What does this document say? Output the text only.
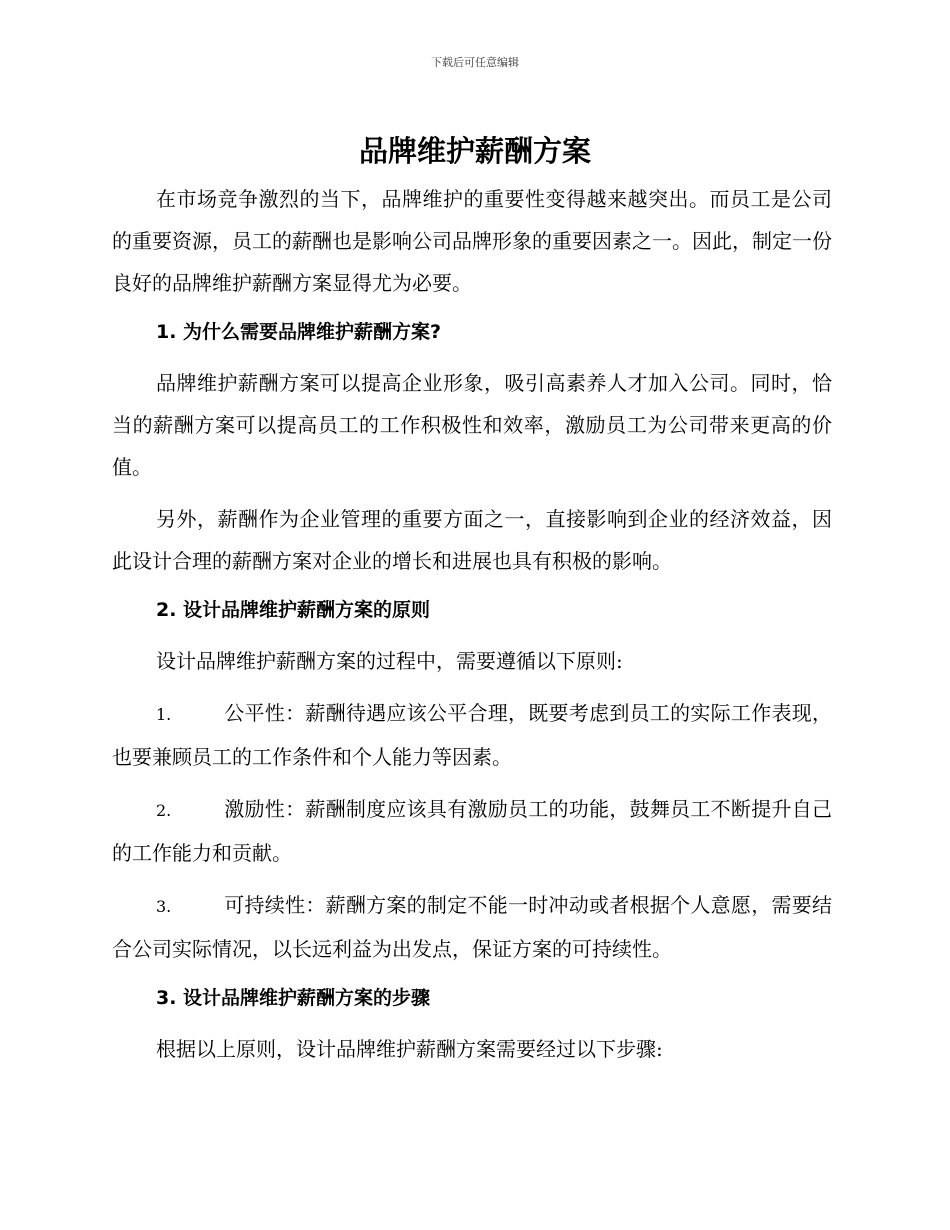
下载后可任意编辑
品牌维护薪酬方案

在市场竞争激烈的当下，品牌维护的重要性变得越来越突出。而员工是公司的重要资源，员工的薪酬也是影响公司品牌形象的重要因素之一。因此，制定一份良好的品牌维护薪酬方案显得尤为必要。

1. 为什么需要品牌维护薪酬方案?

品牌维护薪酬方案可以提高企业形象，吸引高素养人才加入公司。同时，恰当的薪酬方案可以提高员工的工作积极性和效率，激励员工为公司带来更高的价值。

另外，薪酬作为企业管理的重要方面之一，直接影响到企业的经济效益，因此设计合理的薪酬方案对企业的增长和进展也具有积极的影响。

2. 设计品牌维护薪酬方案的原则

设计品牌维护薪酬方案的过程中，需要遵循以下原则:

1.	公平性：薪酬待遇应该公平合理，既要考虑到员工的实际工作表现，也要兼顾员工的工作条件和个人能力等因素。
2.	激励性：薪酬制度应该具有激励员工的功能，鼓舞员工不断提升自己的工作能力和贡献。
3.	可持续性：薪酬方案的制定不能一时冲动或者根据个人意愿，需要结合公司实际情况，以长远利益为出发点，保证方案的可持续性。
3. 设计品牌维护薪酬方案的步骤

根据以上原则，设计品牌维护薪酬方案需要经过以下步骤:
